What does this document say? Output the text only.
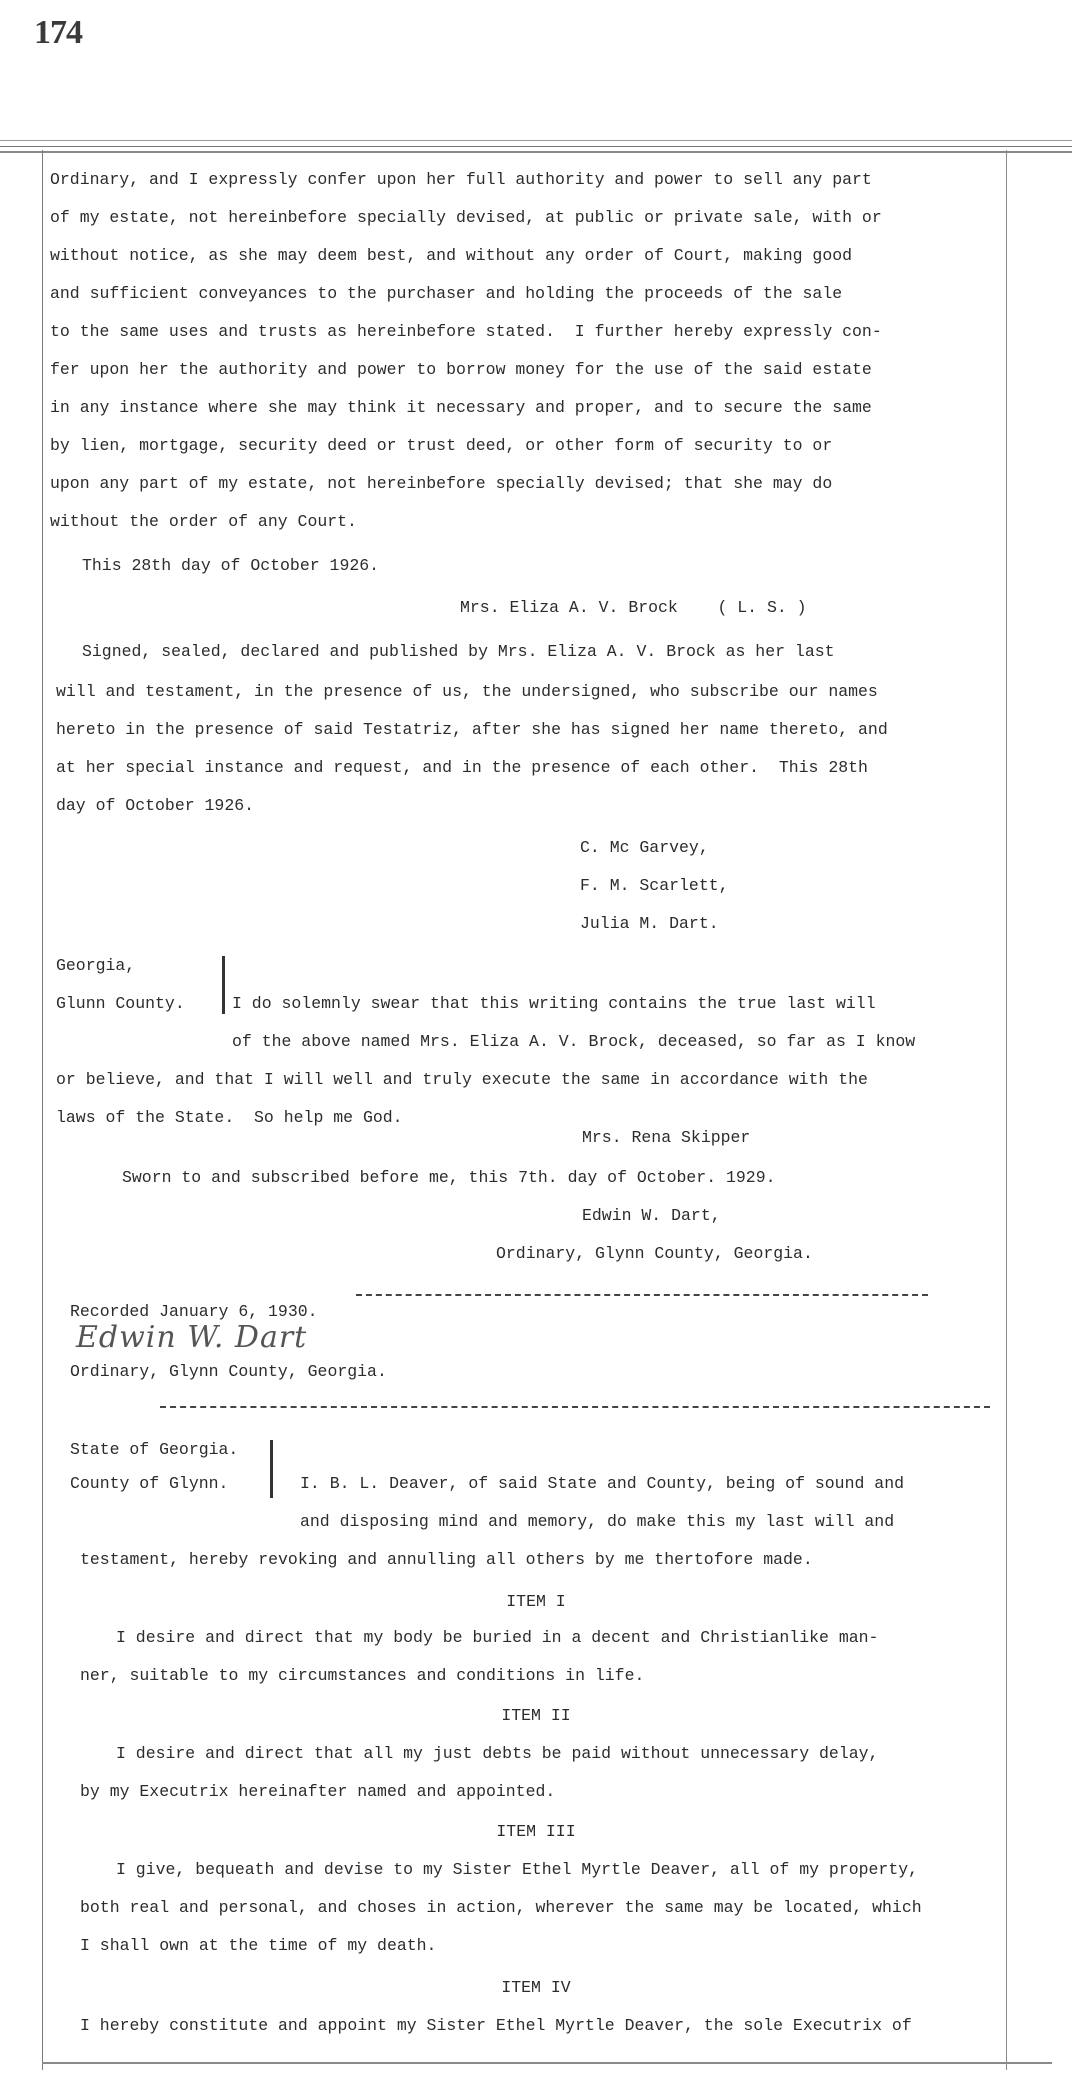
174
Ordinary, and I expressly confer upon her full authority and power to sell any part
of my estate, not hereinbefore specially devised, at public or private sale, with or
without notice, as she may deem best, and without any order of Court, making good
and sufficient conveyances to the purchaser and holding the proceeds of the sale
to the same uses and trusts as hereinbefore stated.  I further hereby expressly con-
fer upon her the authority and power to borrow money for the use of the said estate
in any instance where she may think it necessary and proper, and to secure the same
by lien, mortgage, security deed or trust deed, or other form of security to or
upon any part of my estate, not hereinbefore specially devised; that she may do
without the order of any Court.
This 28th day of October 1926.
Mrs. Eliza A. V. Brock    ( L. S. )
Signed, sealed, declared and published by Mrs. Eliza A. V. Brock as her last
will and testament, in the presence of us, the undersigned, who subscribe our names
hereto in the presence of said Testatriz, after she has signed her name thereto, and
at her special instance and request, and in the presence of each other.  This 28th
day of October 1926.
C. Mc Garvey,
F. M. Scarlett,
Julia M. Dart.
Georgia,
Glunn County.	I do solemnly swear that this writing contains the true last will
of the above named Mrs. Eliza A. V. Brock, deceased, so far as I know
or believe, and that I will well and truly execute the same in accordance with the
laws of the State.  So help me God.
Mrs. Rena Skipper
Sworn to and subscribed before me, this 7th. day of October. 1929.
Edwin W. Dart,
Ordinary, Glynn County, Georgia.
Recorded January 6, 1930.
Edwin W. Dart
Ordinary, Glynn County, Georgia.
State of Georgia.
County of Glynn.	I. B. L. Deaver, of said State and County, being of sound and
and disposing mind and memory, do make this my last will and
testament, hereby revoking and annulling all others by me thertofore made.
ITEM I
I desire and direct that my body be buried in a decent and Christianlike man-
ner, suitable to my circumstances and conditions in life.
ITEM II
I desire and direct that all my just debts be paid without unnecessary delay,
by my Executrix hereinafter named and appointed.
ITEM III
I give, bequeath and devise to my Sister Ethel Myrtle Deaver, all of my property,
both real and personal, and choses in action, wherever the same may be located, which
I shall own at the time of my death.
ITEM IV
I hereby constitute and appoint my Sister Ethel Myrtle Deaver, the sole Executrix of
